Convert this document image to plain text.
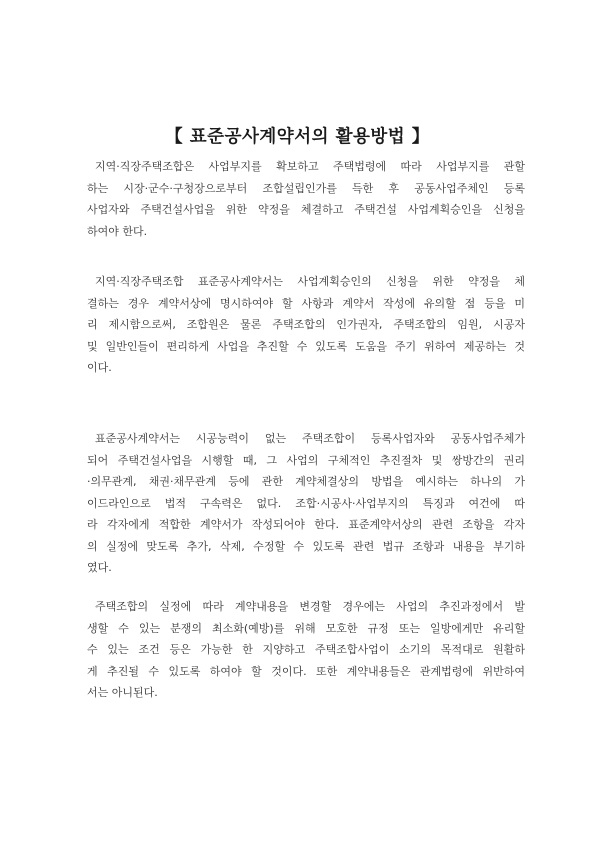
【 표준공사계약서의 활용방법 】
지역·직장주택조합은 사업부지를 확보하고 주택법령에 따라 사업부지를 관할
하는 시장·군수·구청장으로부터 조합설립인가를 득한 후 공동사업주체인 등록
사업자와 주택건설사업을 위한 약정을 체결하고 주택건설 사업계획승인을 신청을
하여야 한다.
지역·직장주택조합 표준공사계약서는 사업계획승인의 신청을 위한 약정을 체
결하는 경우 계약서상에 명시하여야 할 사항과 계약서 작성에 유의할 점 등을 미
리 제시함으로써, 조합원은 물론 주택조합의 인가권자, 주택조합의 임원, 시공자
및 일반인들이 편리하게 사업을 추진할 수 있도록 도움을 주기 위하여 제공하는 것
이다.
표준공사계약서는 시공능력이 없는 주택조합이 등록사업자와 공동사업주체가
되어 주택건설사업을 시행할 때, 그 사업의 구체적인 추진절차 및 쌍방간의 권리
·의무관계, 채권·채무관계 등에 관한 계약체결상의 방법을 예시하는 하나의 가
이드라인으로 법적 구속력은 없다. 조합·시공사·사업부지의 특징과 여건에 따
라 각자에게 적합한 계약서가 작성되어야 한다. 표준계약서상의 관련 조항을 각자
의 실정에 맞도록 추가, 삭제, 수정할 수 있도록 관련 법규 조항과 내용을 부기하
였다.
주택조합의 실정에 따라 계약내용을 변경할 경우에는 사업의 추진과정에서 발
생할 수 있는 분쟁의 최소화(예방)를 위해 모호한 규정 또는 일방에게만 유리할
수 있는 조건 등은 가능한 한 지양하고 주택조합사업이 소기의 목적대로 원활하
게 추진될 수 있도록 하여야 할 것이다. 또한 계약내용들은 관계법령에 위반하여
서는 아니된다.
